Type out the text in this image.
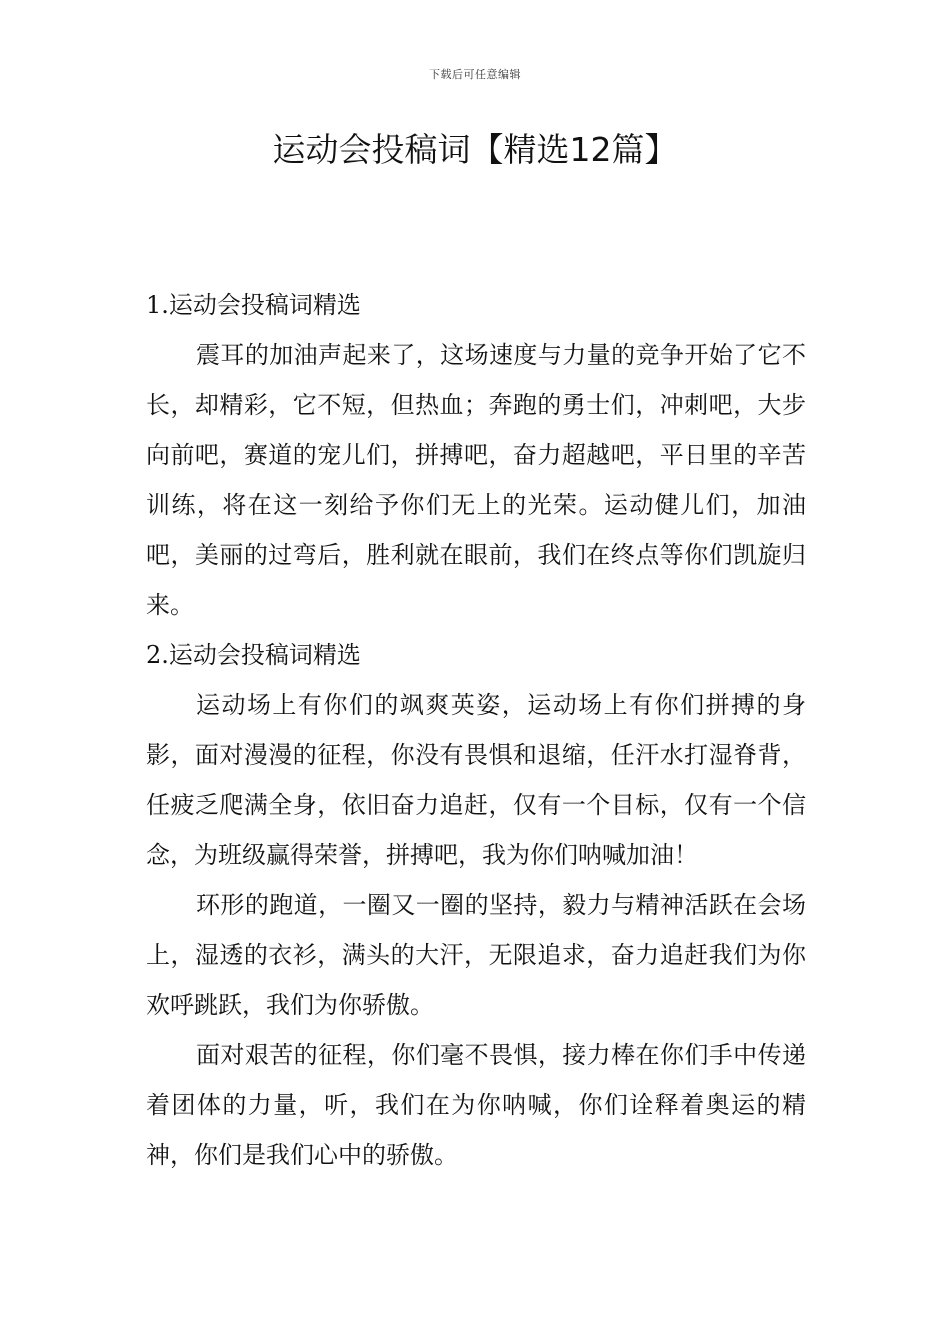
下载后可任意编辑
运动会投稿词【精选12篇】
1.运动会投稿词精选

震耳的加油声起来了，这场速度与力量的竞争开始了它不长，却精彩，它不短，但热血；奔跑的勇士们，冲刺吧，大步向前吧，赛道的宠儿们，拼搏吧，奋力超越吧，平日里的辛苦训练，将在这一刻给予你们无上的光荣。运动健儿们，加油吧，美丽的过弯后，胜利就在眼前，我们在终点等你们凯旋归来。

2.运动会投稿词精选

运动场上有你们的飒爽英姿，运动场上有你们拼搏的身影，面对漫漫的征程，你没有畏惧和退缩，任汗水打湿脊背，任疲乏爬满全身，依旧奋力追赶，仅有一个目标，仅有一个信念，为班级赢得荣誉，拼搏吧，我为你们呐喊加油！

环形的跑道，一圈又一圈的坚持，毅力与精神活跃在会场上，湿透的衣衫，满头的大汗，无限追求，奋力追赶我们为你欢呼跳跃，我们为你骄傲。

面对艰苦的征程，你们毫不畏惧，接力棒在你们手中传递着团体的力量，听，我们在为你呐喊，你们诠释着奥运的精神，你们是我们心中的骄傲。
